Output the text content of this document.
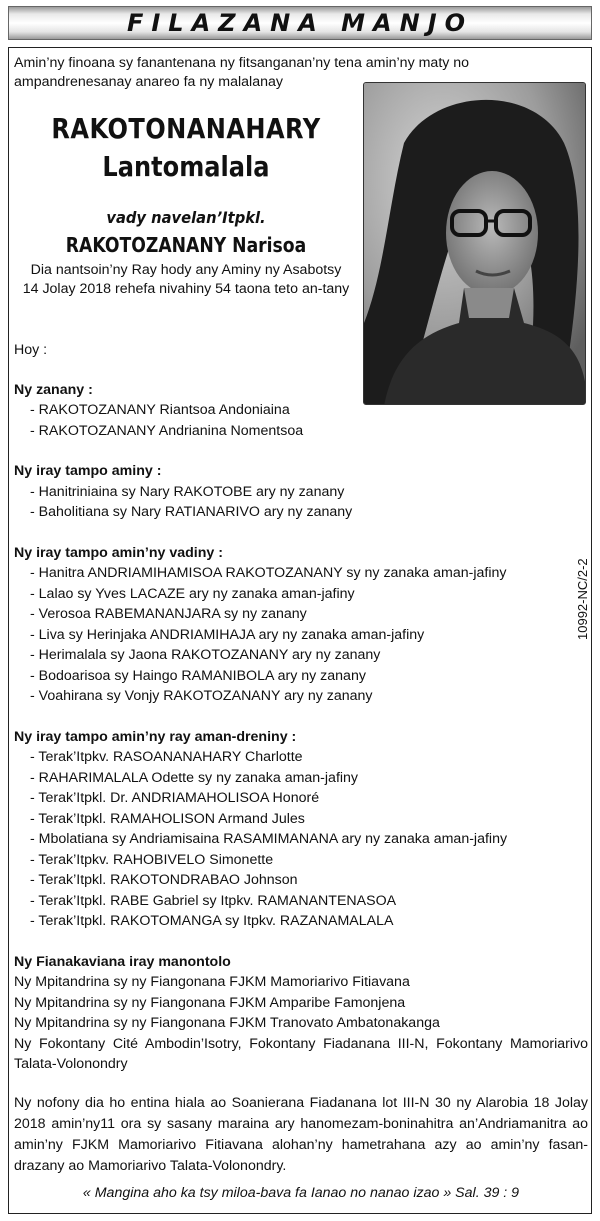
FILAZANA MANJO
Amin’ny finoana sy fanantenana ny fitsanganan’ny tena amin’ny maty no ampandrenesanay anareo fa ny malalanay
RAKOTONANAHARY
Lantomalala
vady navelan’Itpkl.
RAKOTOZANANY Narisoa
Dia nantsoin’ny Ray hody any Aminy ny Asabotsy
14 Jolay 2018 rehefa nivahiny 54 taona teto an-tany
Hoy :
Ny zanany :
- RAKOTOZANANY Riantsoa Andoniaina
- RAKOTOZANANY Andrianina Nomentsoa
Ny iray tampo aminy :
- Hanitriniaina sy Nary RAKOTOBE ary ny zanany
- Baholitiana sy Nary RATIANARIVO ary ny zanany
Ny iray tampo amin’ny vadiny :
- Hanitra ANDRIAMIHAMISOA RAKOTOZANANY sy ny zanaka aman-jafiny
- Lalao sy Yves LACAZE ary ny zanaka aman-jafiny
- Verosoa RABEMANANJARA sy ny zanany
- Liva sy Herinjaka ANDRIAMIHAJA ary ny zanaka aman-jafiny
- Herimalala sy Jaona RAKOTOZANANY ary ny zanany
- Bodoarisoa sy Haingo RAMANIBOLA ary ny zanany
- Voahirana sy Vonjy RAKOTOZANANY ary ny zanany
Ny iray tampo amin’ny ray aman-dreniny :
- Terak’Itpkv. RASOANANAHARY Charlotte
- RAHARIMALALA Odette sy ny zanaka aman-jafiny
- Terak’Itpkl. Dr. ANDRIAMAHOLISOA Honoré
- Terak’Itpkl. RAMAHOLISON Armand Jules
- Mbolatiana sy Andriamisaina RASAMIMANANA ary ny zanaka aman-jafiny
- Terak’Itpkv. RAHOBIVELO Simonette
- Terak’Itpkl. RAKOTONDRABAO Johnson
- Terak’Itpkl. RABE Gabriel sy Itpkv. RAMANANTENASOA
- Terak’Itpkl. RAKOTOMANGA sy Itpkv. RAZANAMALALA
Ny Fianakaviana iray manontolo
Ny Mpitandrina sy ny Fiangonana FJKM Mamoriarivo Fitiavana
Ny Mpitandrina sy ny Fiangonana FJKM Amparibe Famonjena
Ny Mpitandrina sy ny Fiangonana FJKM Tranovato Ambatonakanga
Ny Fokontany Cité Ambodin’Isotry, Fokontany Fiadanana III-N, Fokontany Mamoriarivo Talata-Volonondry
Ny nofony dia ho entina hiala ao Soanierana Fiadanana lot III-N 30 ny Alarobia 18 Jolay 2018 amin’ny11 ora sy sasany maraina ary hanomezam-boninahitra an’Andriamanitra ao amin’ny FJKM Mamoriarivo Fitiavana alohan’ny hametrahana azy ao amin’ny fasan-drazany ao Mamoriarivo Talata-Volonondry.
« Mangina aho ka tsy miloa-bava fa Ianao no nanao izao » Sal. 39 : 9
10992-NC/2-2
